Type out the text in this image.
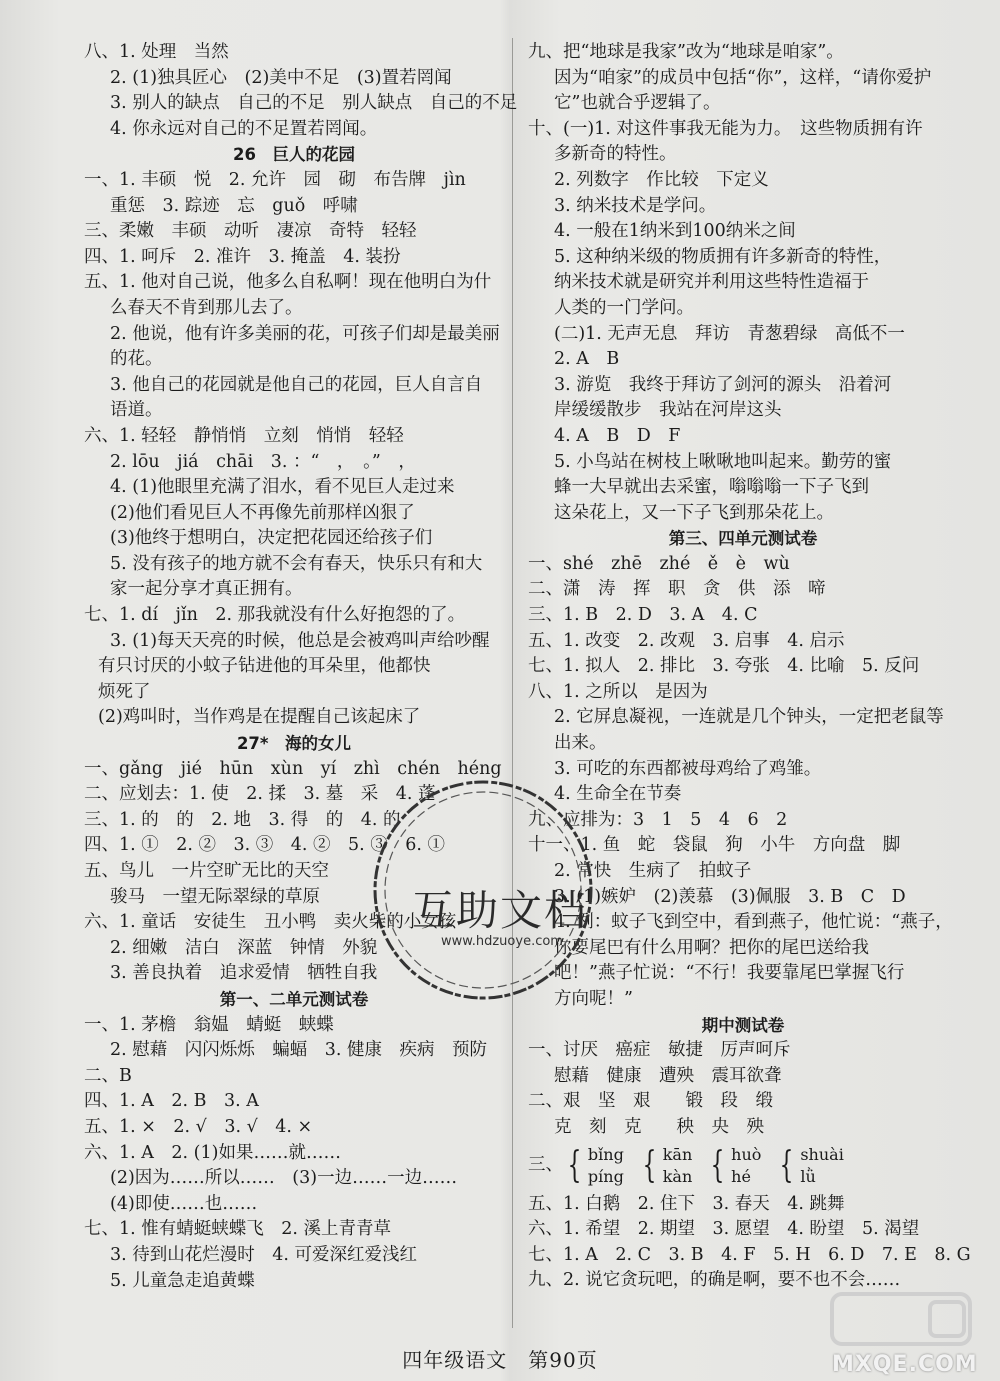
八、1. 处理　当然
2. (1)独具匠心　(2)美中不足　(3)置若罔闻
3. 别人的缺点　自己的不足　别人缺点　自己的不足
4. 你永远对自己的不足置若罔闻。
26　巨人的花园
一、1. 丰硕　悦　2. 允许　园　砌　布告牌　jìn
重惩　3. 踪迹　忘　guǒ　呼啸
三、柔嫩　丰硕　动听　凄凉　奇特　轻轻
四、1. 呵斥　2. 准许　3. 掩盖　4. 装扮
五、1. 他对自己说，他多么自私啊！现在他明白为什
么春天不肯到那儿去了。
2. 他说，他有许多美丽的花，可孩子们却是最美丽
的花。
3. 他自己的花园就是他自己的花园，巨人自言自
语道。
六、1. 轻轻　静悄悄　立刻　悄悄　轻轻
2. lōu　jiá　chāi　3. ：“　，　。”　，
4. (1)他眼里充满了泪水，看不见巨人走过来
(2)他们看见巨人不再像先前那样凶狠了
(3)他终于想明白，决定把花园还给孩子们
5. 没有孩子的地方就不会有春天，快乐只有和大
家一起分享才真正拥有。
七、1. dí　jǐn　2. 那我就没有什么好抱怨的了。
3. (1)每天天亮的时候，他总是会被鸡叫声给吵醒
有只讨厌的小蚊子钻进他的耳朵里，他都快
烦死了
(2)鸡叫时，当作鸡是在提醒自己该起床了
27*　海的女儿
一、gǎng　jié　hūn　xùn　yí　zhì　chén　héng
二、应划去：1. 使　2. 揉　3. 墓　采　4. 蓬
三、1. 的　的　2. 地　3. 得　的　4. 的
四、1. ①　2. ②　3. ③　4. ②　5. ③　6. ①
五、鸟儿　一片空旷无比的天空
骏马　一望无际翠绿的草原
六、1. 童话　安徒生　丑小鸭　卖火柴的小女孩
2. 细嫩　洁白　深蓝　钟情　外貌
3. 善良执着　追求爱情　牺牲自我
第一、二单元测试卷
一、1. 茅檐　翁媪　蜻蜓　蛱蝶
2. 慰藉　闪闪烁烁　蝙蝠　3. 健康　疾病　预防
二、B
四、1. A　2. B　3. A
五、1. ×　2. √　3. √　4. ×
六、1. A　2. (1)如果……就……
(2)因为……所以……　(3)一边……一边……
(4)即使……也……
七、1. 惟有蜻蜓蛱蝶飞　2. 溪上青青草
3. 待到山花烂漫时　4. 可爱深红爱浅红
5. 儿童急走追黄蝶
九、把“地球是我家”改为“地球是咱家”。
因为“咱家”的成员中包括“你”，这样，“请你爱护
它”也就合乎逻辑了。
十、(一)1. 对这件事我无能为力。　这些物质拥有许
多新奇的特性。
2. 列数字　作比较　下定义
3. 纳米技术是学问。
4. 一般在1纳米到100纳米之间
5. 这种纳米级的物质拥有许多新奇的特性，
纳米技术就是研究并利用这些特性造福于
人类的一门学问。
(二)1. 无声无息　拜访　青葱碧绿　高低不一
2. A　B
3. 游览　我终于拜访了剑河的源头　沿着河
岸缓缓散步　我站在河岸这头
4. A　B　D　F
5. 小鸟站在树枝上啾啾地叫起来。勤劳的蜜
蜂一大早就出去采蜜，嗡嗡嗡一下子飞到
这朵花上，又一下子飞到那朵花上。
第三、四单元测试卷
一、shé　zhē　zhé　ě　è　wù
二、潇　涛　挥　职　贪　供　添　啼
三、1. B　2. D　3. A　4. C
五、1. 改变　2. 改观　3. 启事　4. 启示
七、1. 拟人　2. 排比　3. 夸张　4. 比喻　5. 反问
八、1. 之所以　是因为
2. 它屏息凝视，一连就是几个钟头，一定把老鼠等
出来。
3. 可吃的东西都被母鸡给了鸡雏。
4. 生命全在节奏
九、应排为：3　1　5　4　6　2
十一、1. 鱼　蛇　袋鼠　狗　小牛　方向盘　脚
2. 常快　生病了　拍蚊子
3. (1)嫉妒　(2)羡慕　(3)佩服　3. B　C　D
4. 例：蚊子飞到空中，看到燕子，他忙说：“燕子，
你要尾巴有什么用啊？把你的尾巴送给我
吧！”燕子忙说：“不行！我要靠尾巴掌握飞行
方向呢！”
期中测试卷
一、讨厌　癌症　敏捷　厉声呵斥
慰藉　健康　遭殃　震耳欲聋
二、艰　坚　艰　　锻　段　缎
克　刻　克　　秧　央　殃
三、 { bǐng
píng { kān
kàn { huò
hé { shuài
lǜ
五、1. 白鹅　2. 住下　3. 春天　4. 跳舞
六、1. 希望　2. 期望　3. 愿望　4. 盼望　5. 渴望
七、1. A　2. C　3. B　4. F　5. H　6. D　7. E　8. G
九、2. 说它贪玩吧，的确是啊，要不也不会……
互助文档
www.hdzuoye.com
四年级语文　第90页	MXQE.COM
